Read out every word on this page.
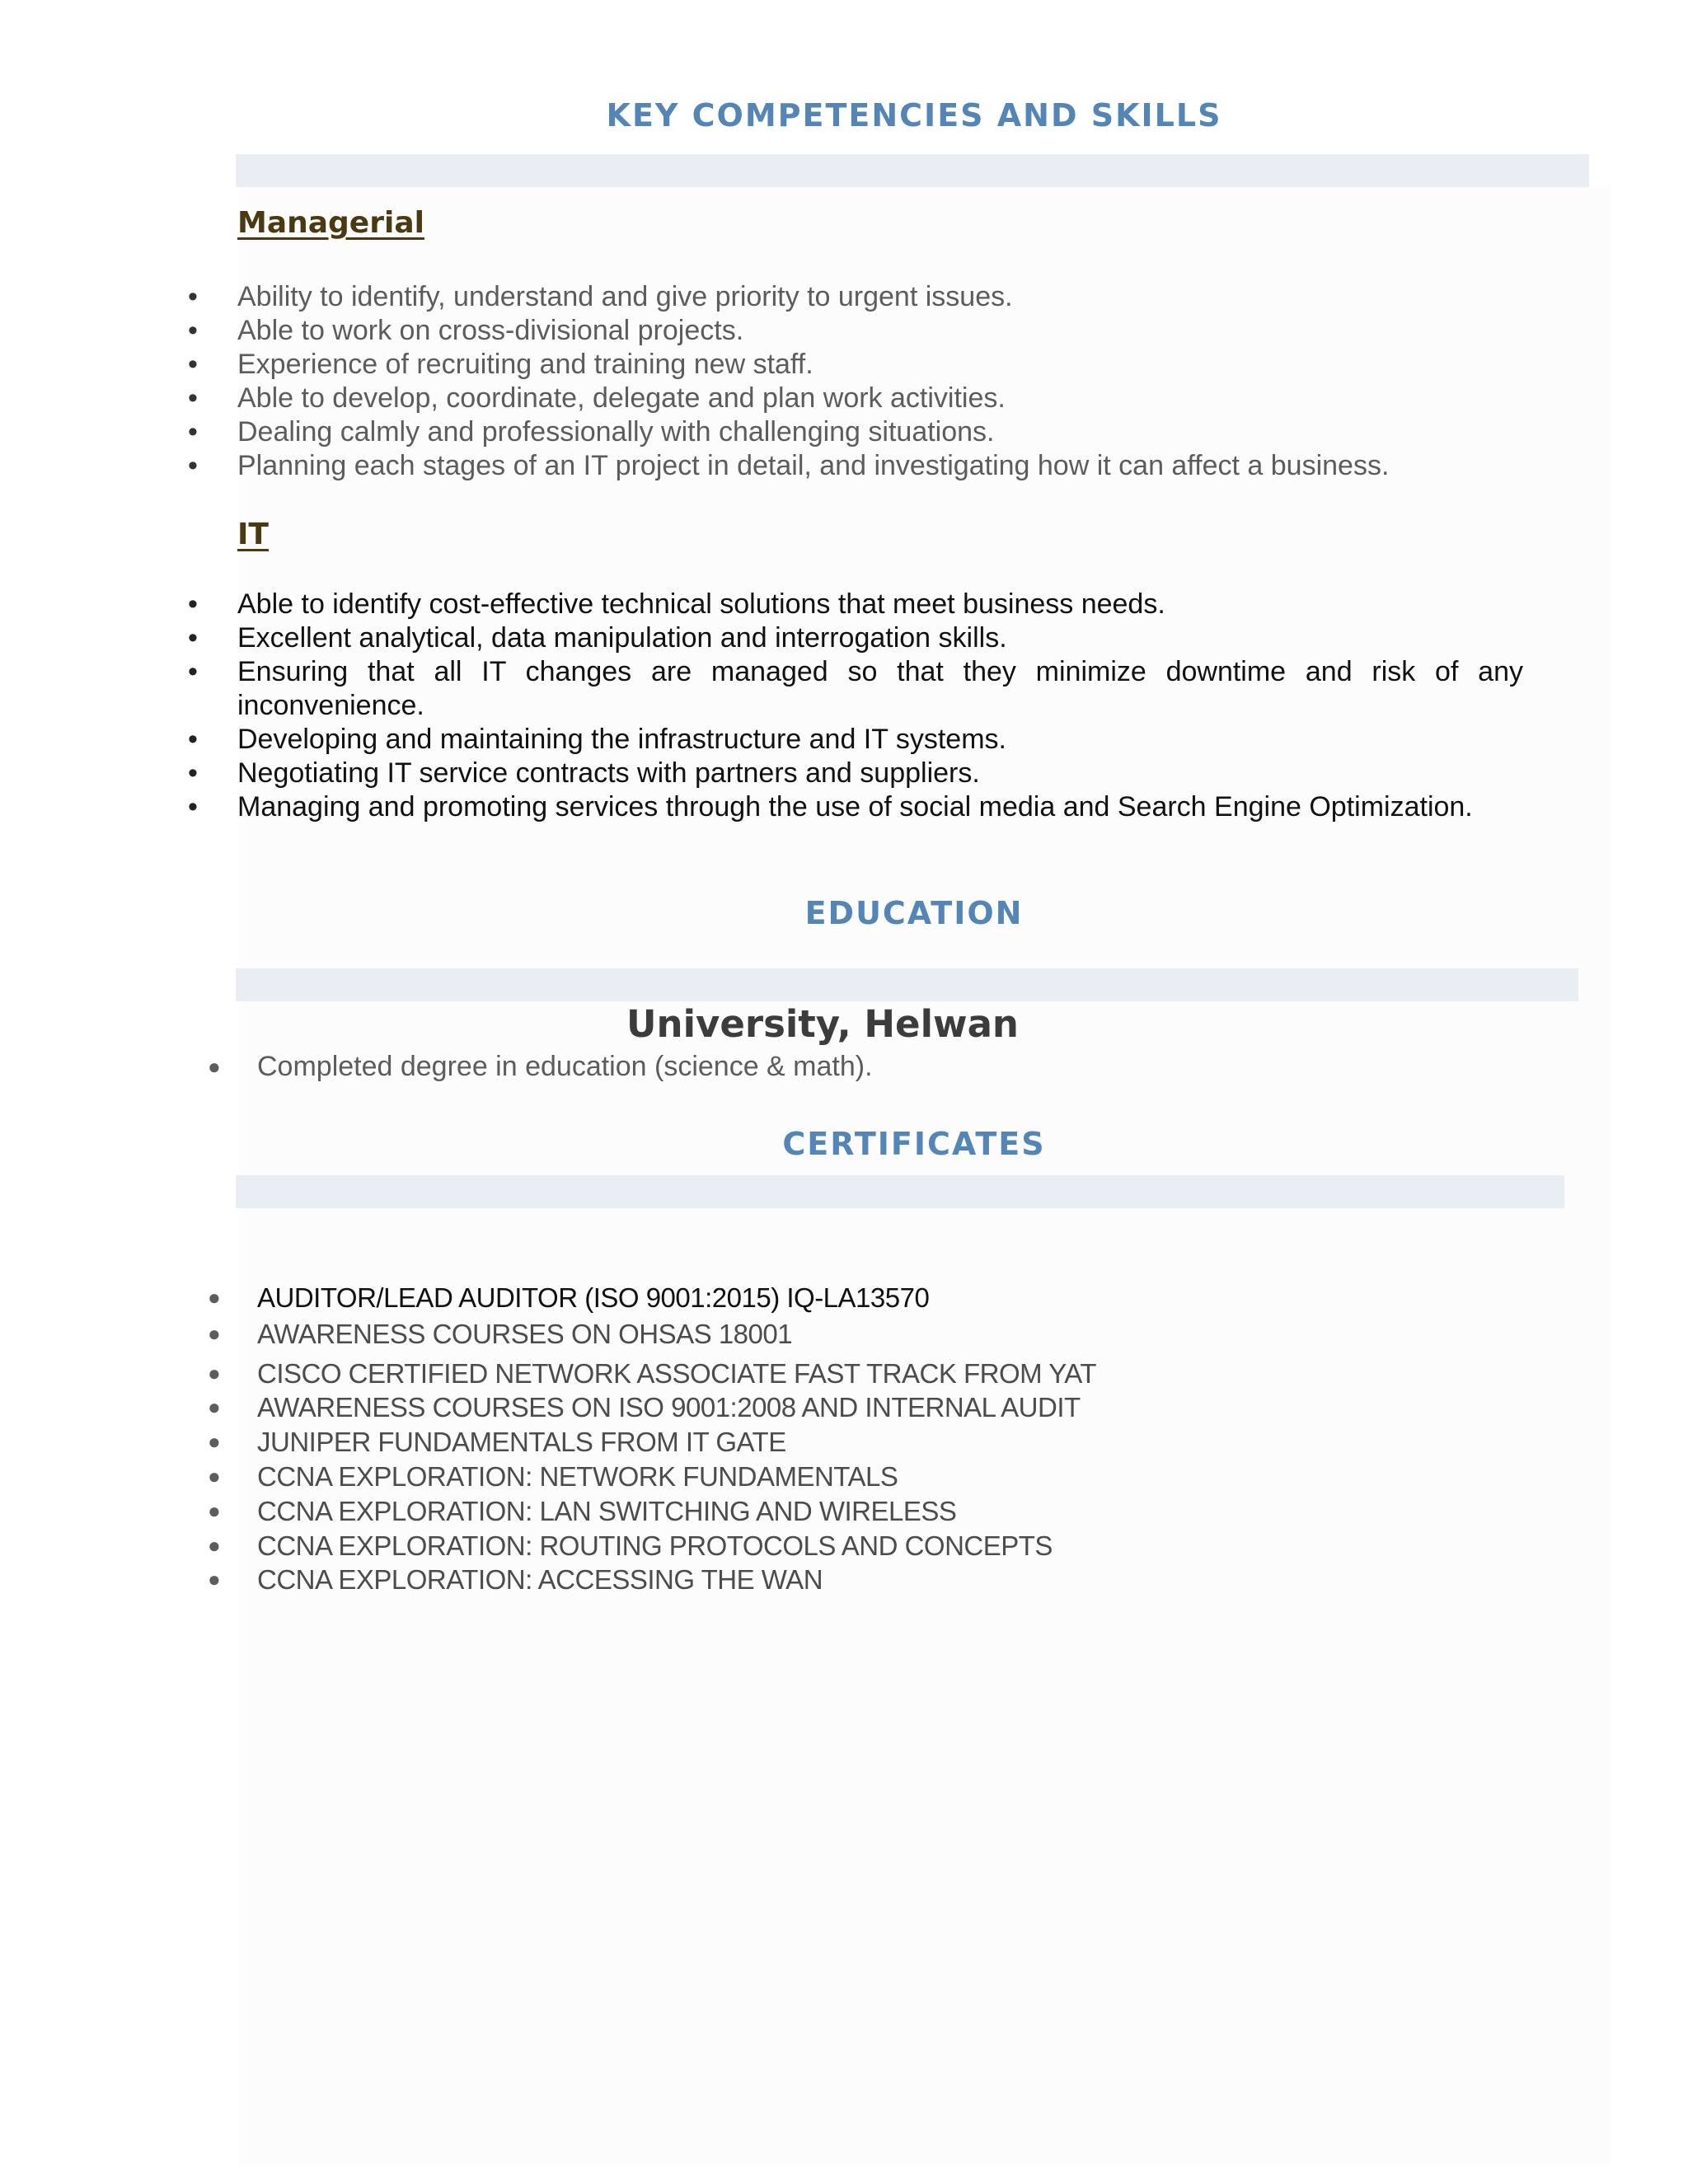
KEY COMPETENCIES AND SKILLS
Managerial
• Ability to identify, understand and give priority to urgent issues.
• Able to work on cross-divisional projects.
• Experience of recruiting and training new staff.
• Able to develop, coordinate, delegate and plan work activities.
• Dealing calmly and professionally with challenging situations.
• Planning each stages of an IT project in detail, and investigating how it can affect a business.
IT
• Able to identify cost-effective technical solutions that meet business needs.
• Excellent analytical, data manipulation and interrogation skills.
• Ensuring that all IT changes are managed so that they minimize downtime and risk of any inconvenience.
• Developing and maintaining the infrastructure and IT systems.
• Negotiating IT service contracts with partners and suppliers.
• Managing and promoting services through the use of social media and Search Engine Optimization.
EDUCATION
University, Helwan
● Completed degree in education (science & math).
CERTIFICATES
● AUDITOR/LEAD AUDITOR (ISO 9001:2015) IQ-LA13570
● AWARENESS COURSES ON OHSAS 18001
● CISCO CERTIFIED NETWORK ASSOCIATE FAST TRACK FROM YAT
● AWARENESS COURSES ON ISO 9001:2008 AND INTERNAL AUDIT
● JUNIPER FUNDAMENTALS FROM IT GATE
● CCNA EXPLORATION: NETWORK FUNDAMENTALS
● CCNA EXPLORATION: LAN SWITCHING AND WIRELESS
● CCNA EXPLORATION: ROUTING PROTOCOLS AND CONCEPTS
● CCNA EXPLORATION: ACCESSING THE WAN
